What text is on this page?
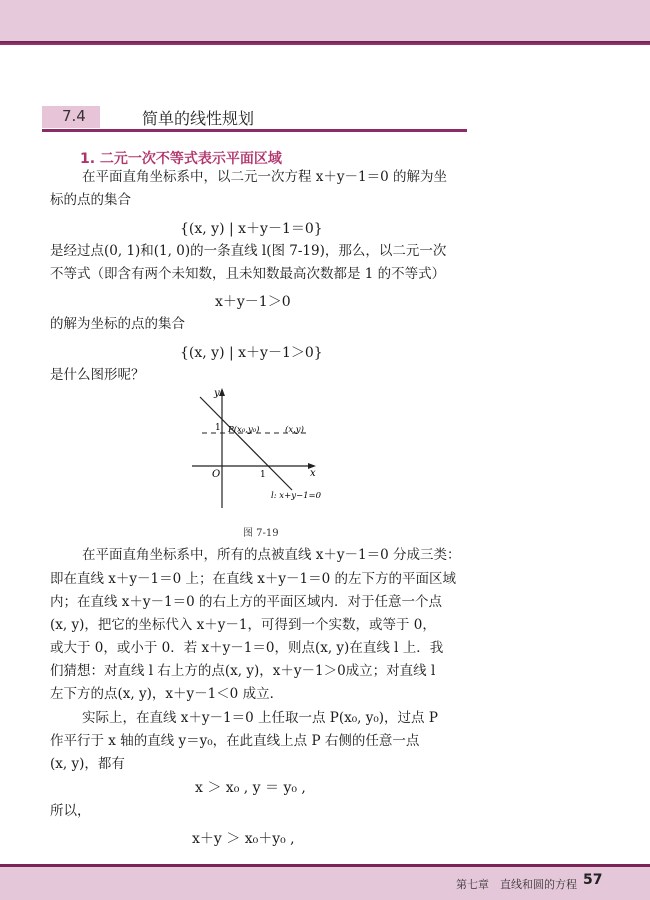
7.4	简单的线性规划
1. 二元一次不等式表示平面区域
在平面直角坐标系中，以二元一次方程 x＋y－1＝0 的解为坐
标的点的集合
{(x, y) | x＋y－1＝0}
是经过点(0, 1)和(1, 0)的一条直线 l(图 7-19)，那么，以二元一次
不等式（即含有两个未知数，且未知数最高次数都是 1 的不等式）
x＋y－1＞0
的解为坐标的点的集合
{(x, y) | x＋y－1＞0}
是什么图形呢？
y
x
O
1
1
P(x₀,y₀)	(x,y)
l: x+y−1=0
图 7-19
在平面直角坐标系中，所有的点被直线 x＋y－1＝0 分成三类：
即在直线 x＋y－1＝0 上；在直线 x＋y－1＝0 的左下方的平面区域
内；在直线 x＋y－1＝0 的右上方的平面区域内．对于任意一个点
(x, y)，把它的坐标代入 x＋y－1，可得到一个实数，或等于 0，
或大于 0，或小于 0．若 x＋y－1＝0，则点(x, y)在直线 l 上．我
们猜想：对直线 l 右上方的点(x, y)，x＋y－1＞0成立；对直线 l
左下方的点(x, y)，x＋y－1＜0 成立．
实际上，在直线 x＋y－1＝0 上任取一点 P(x₀, y₀)，过点 P
作平行于 x 轴的直线 y＝y₀，在此直线上点 P 右侧的任意一点
(x, y)，都有
x ＞ x₀ , y ＝ y₀ ,
所以，
x＋y ＞ x₀＋y₀ ,
第七章 直线和圆的方程 57
